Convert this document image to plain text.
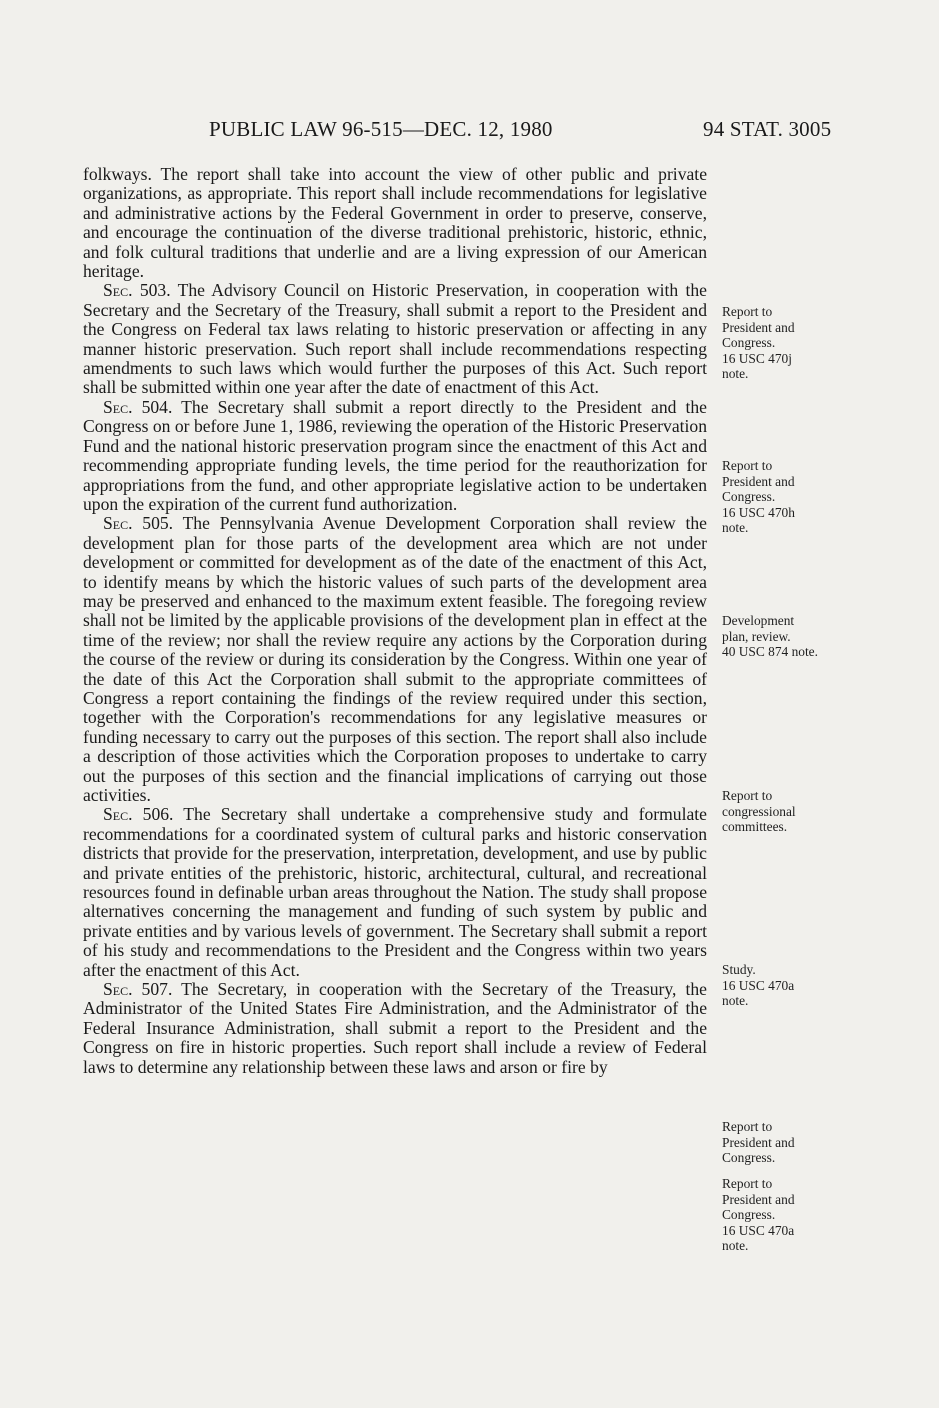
PUBLIC LAW 96-515—DEC. 12, 1980	94 STAT. 3005

folkways. The report shall take into account the view of other public and private organizations, as appropriate. This report shall include recommendations for legislative and administrative actions by the Federal Government in order to preserve, conserve, and encourage the continuation of the diverse traditional prehistoric, historic, ethnic, and folk cultural traditions that underlie and are a living expression of our American heritage.

Sec. 503. The Advisory Council on Historic Preservation, in cooperation with the Secretary and the Secretary of the Treasury, shall submit a report to the President and the Congress on Federal tax laws relating to historic preservation or affecting in any manner historic preservation. Such report shall include recommendations respecting amendments to such laws which would further the purposes of this Act. Such report shall be submitted within one year after the date of enactment of this Act.

Sec. 504. The Secretary shall submit a report directly to the President and the Congress on or before June 1, 1986, reviewing the operation of the Historic Preservation Fund and the national historic preservation program since the enactment of this Act and recommending appropriate funding levels, the time period for the reauthorization for appropriations from the fund, and other appropriate legislative action to be undertaken upon the expiration of the current fund authorization.

Sec. 505. The Pennsylvania Avenue Development Corporation shall review the development plan for those parts of the development area which are not under development or committed for development as of the date of the enactment of this Act, to identify means by which the historic values of such parts of the development area may be preserved and enhanced to the maximum extent feasible. The foregoing review shall not be limited by the applicable provisions of the development plan in effect at the time of the review; nor shall the review require any actions by the Corporation during the course of the review or during its consideration by the Congress. Within one year of the date of this Act the Corporation shall submit to the appropriate committees of Congress a report containing the findings of the review required under this section, together with the Corporation's recommendations for any legislative measures or funding necessary to carry out the purposes of this section. The report shall also include a description of those activities which the Corporation proposes to undertake to carry out the purposes of this section and the financial implications of carrying out those activities.

Sec. 506. The Secretary shall undertake a comprehensive study and formulate recommendations for a coordinated system of cultural parks and historic conservation districts that provide for the preservation, interpretation, development, and use by public and private entities of the prehistoric, historic, architectural, cultural, and recreational resources found in definable urban areas throughout the Nation. The study shall propose alternatives concerning the management and funding of such system by public and private entities and by various levels of government. The Secretary shall submit a report of his study and recommendations to the President and the Congress within two years after the enactment of this Act.

Sec. 507. The Secretary, in cooperation with the Secretary of the Treasury, the Administrator of the United States Fire Administration, and the Administrator of the Federal Insurance Administration, shall submit a report to the President and the Congress on fire in historic properties. Such report shall include a review of Federal laws to determine any relationship between these laws and arson or fire by

Report to
President and
Congress.
16 USC 470j
note.
Report to
President and
Congress.
16 USC 470h
note.
Development
plan, review.
40 USC 874 note.
Report to
congressional
committees.
Study.
16 USC 470a
note.
Report to
President and
Congress.
Report to
President and
Congress.
16 USC 470a
note.
